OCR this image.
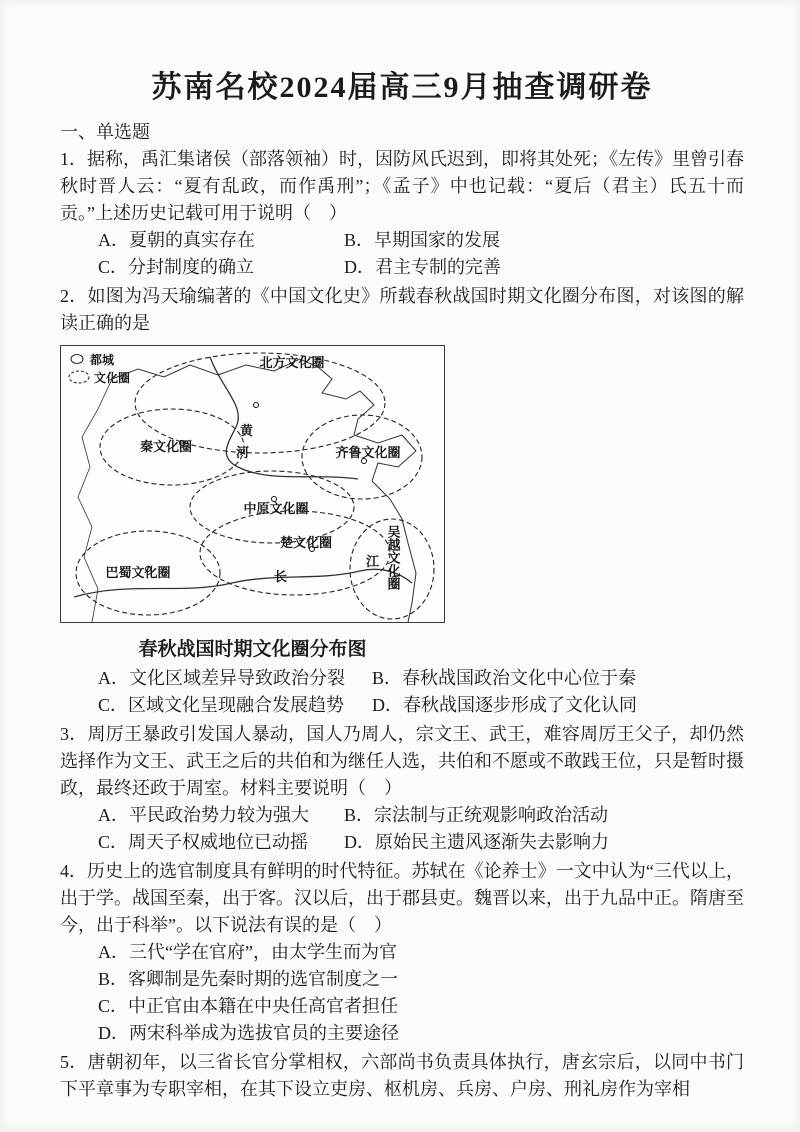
苏南名校2024届高三9月抽查调研卷
一、单选题

1．据称，禹汇集诸侯（部落领袖）时，因防风氏迟到，即将其处死；《左传》里曾引春秋时晋人云：“夏有乱政，而作禹刑”；《孟子》中也记载：“夏后（君主）氏五十而贡。”上述历史记载可用于说明（　）

A．夏朝的真实存在	B．早期国家的发展
C．分封制度的确立	D．君主专制的完善

2．如图为冯天瑜编著的《中国文化史》所载春秋战国时期文化圈分布图，对该图的解读正确的是

都城
文化圈
北方文化圈
秦文化圈	齐鲁文化圈
中原文化圈
楚文化圈
巴蜀文化圈	吴越文化圈
黄
河
长
江
春秋战国时期文化圈分布图
A．文化区域差异导致政治分裂	B．春秋战国政治文化中心位于秦
C．区域文化呈现融合发展趋势	D．春秋战国逐步形成了文化认同

3．周厉王暴政引发国人暴动，国人乃周人，宗文王、武王，难容周厉王父子，却仍然选择作为文王、武王之后的共伯和为继任人选，共伯和不愿或不敢践王位，只是暂时摄政，最终还政于周室。材料主要说明（　）

A．平民政治势力较为强大	B．宗法制与正统观影响政治活动
C．周天子权威地位已动摇	D．原始民主遗风逐渐失去影响力

4．历史上的选官制度具有鲜明的时代特征。苏轼在《论养士》一文中认为“三代以上，出于学。战国至秦，出于客。汉以后，出于郡县吏。魏晋以来，出于九品中正。隋唐至今，出于科举”。以下说法有误的是（　）

A．三代“学在官府”，由太学生而为官
B．客卿制是先秦时期的选官制度之一
C．中正官由本籍在中央任高官者担任
D．两宋科举成为选拔官员的主要途径

5．唐朝初年，以三省长官分掌相权，六部尚书负责具体执行，唐玄宗后，以同中书门下平章事为专职宰相，在其下设立吏房、枢机房、兵房、户房、刑礼房作为宰相
